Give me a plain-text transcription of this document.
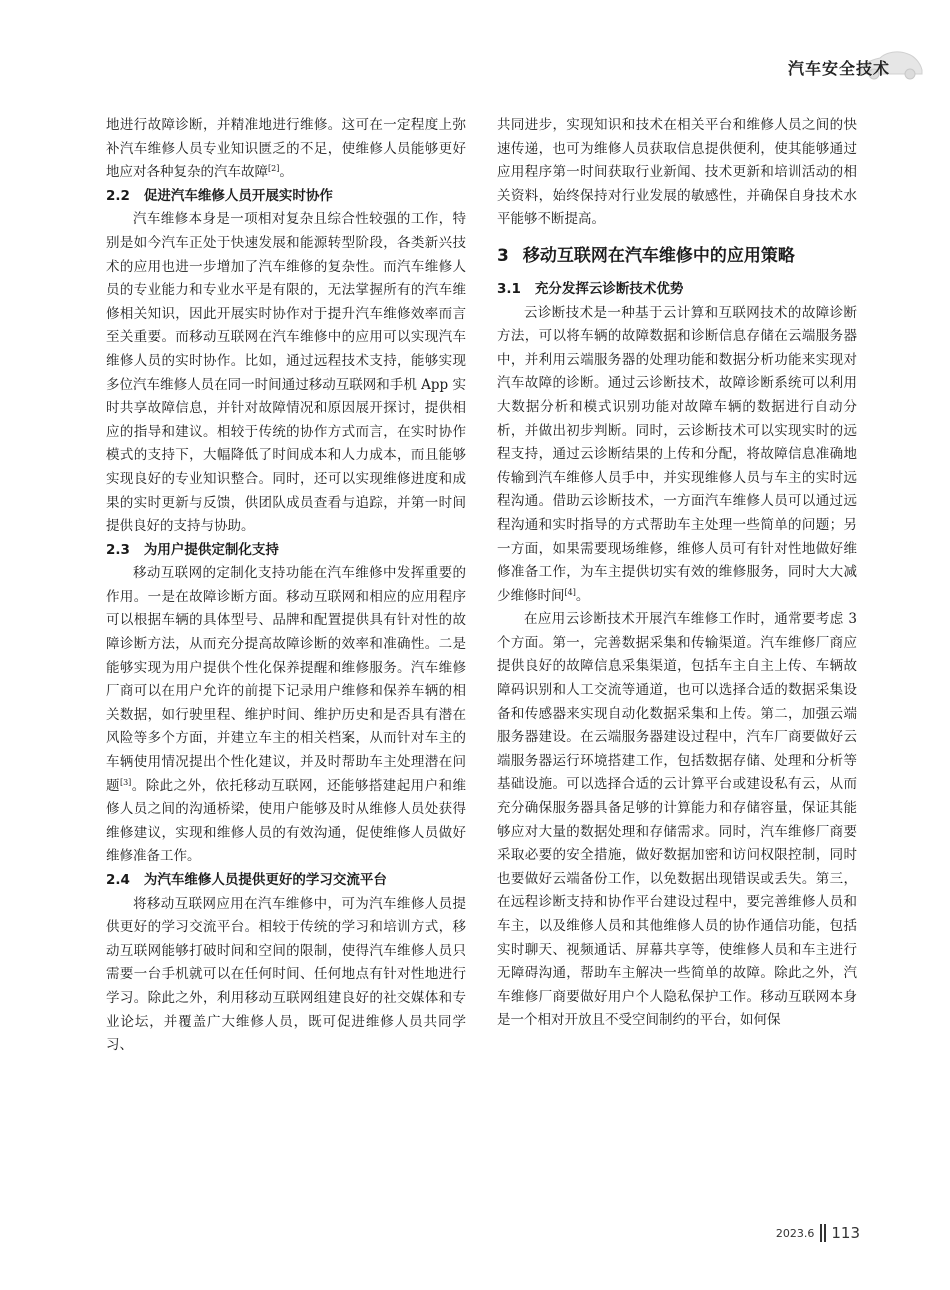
汽车安全技术

地进行故障诊断，并精准地进行维修。这可在一定程度上弥补汽车维修人员专业知识匮乏的不足，使维修人员能够更好地应对各种复杂的汽车故障[2]。

2.2 促进汽车维修人员开展实时协作

汽车维修本身是一项相对复杂且综合性较强的工作，特别是如今汽车正处于快速发展和能源转型阶段，各类新兴技术的应用也进一步增加了汽车维修的复杂性。而汽车维修人员的专业能力和专业水平是有限的，无法掌握所有的汽车维修相关知识，因此开展实时协作对于提升汽车维修效率而言至关重要。而移动互联网在汽车维修中的应用可以实现汽车维修人员的实时协作。比如，通过远程技术支持，能够实现多位汽车维修人员在同一时间通过移动互联网和手机 App 实时共享故障信息，并针对故障情况和原因展开探讨，提供相应的指导和建议。相较于传统的协作方式而言，在实时协作模式的支持下，大幅降低了时间成本和人力成本，而且能够实现良好的专业知识整合。同时，还可以实现维修进度和成果的实时更新与反馈，供团队成员查看与追踪，并第一时间提供良好的支持与协助。

2.3 为用户提供定制化支持

移动互联网的定制化支持功能在汽车维修中发挥重要的作用。一是在故障诊断方面。移动互联网和相应的应用程序可以根据车辆的具体型号、品牌和配置提供具有针对性的故障诊断方法，从而充分提高故障诊断的效率和准确性。二是能够实现为用户提供个性化保养提醒和维修服务。汽车维修厂商可以在用户允许的前提下记录用户维修和保养车辆的相关数据，如行驶里程、维护时间、维护历史和是否具有潜在风险等多个方面，并建立车主的相关档案，从而针对车主的车辆使用情况提出个性化建议，并及时帮助车主处理潜在问题[3]。除此之外，依托移动互联网，还能够搭建起用户和维修人员之间的沟通桥梁，使用户能够及时从维修人员处获得维修建议，实现和维修人员的有效沟通，促使维修人员做好维修准备工作。

2.4 为汽车维修人员提供更好的学习交流平台

将移动互联网应用在汽车维修中，可为汽车维修人员提供更好的学习交流平台。相较于传统的学习和培训方式，移动互联网能够打破时间和空间的限制，使得汽车维修人员只需要一台手机就可以在任何时间、任何地点有针对性地进行学习。除此之外，利用移动互联网组建良好的社交媒体和专业论坛，并覆盖广大维修人员，既可促进维修人员共同学习、

共同进步，实现知识和技术在相关平台和维修人员之间的快速传递，也可为维修人员获取信息提供便利，使其能够通过应用程序第一时间获取行业新闻、技术更新和培训活动的相关资料，始终保持对行业发展的敏感性，并确保自身技术水平能够不断提高。

3 移动互联网在汽车维修中的应用策略
3.1 充分发挥云诊断技术优势

云诊断技术是一种基于云计算和互联网技术的故障诊断方法，可以将车辆的故障数据和诊断信息存储在云端服务器中，并利用云端服务器的处理功能和数据分析功能来实现对汽车故障的诊断。通过云诊断技术，故障诊断系统可以利用大数据分析和模式识别功能对故障车辆的数据进行自动分析，并做出初步判断。同时，云诊断技术可以实现实时的远程支持，通过云诊断结果的上传和分配，将故障信息准确地传输到汽车维修人员手中，并实现维修人员与车主的实时远程沟通。借助云诊断技术，一方面汽车维修人员可以通过远程沟通和实时指导的方式帮助车主处理一些简单的问题；另一方面，如果需要现场维修，维修人员可有针对性地做好维修准备工作，为车主提供切实有效的维修服务，同时大大减少维修时间[4]。

在应用云诊断技术开展汽车维修工作时，通常要考虑 3 个方面。第一，完善数据采集和传输渠道。汽车维修厂商应提供良好的故障信息采集渠道，包括车主自主上传、车辆故障码识别和人工交流等通道，也可以选择合适的数据采集设备和传感器来实现自动化数据采集和上传。第二，加强云端服务器建设。在云端服务器建设过程中，汽车厂商要做好云端服务器运行环境搭建工作，包括数据存储、处理和分析等基础设施。可以选择合适的云计算平台或建设私有云，从而充分确保服务器具备足够的计算能力和存储容量，保证其能够应对大量的数据处理和存储需求。同时，汽车维修厂商要采取必要的安全措施，做好数据加密和访问权限控制，同时也要做好云端备份工作，以免数据出现错误或丢失。第三，在远程诊断支持和协作平台建设过程中，要完善维修人员和车主，以及维修人员和其他维修人员的协作通信功能，包括实时聊天、视频通话、屏幕共享等，使维修人员和车主进行无障碍沟通，帮助车主解决一些简单的故障。除此之外，汽车维修厂商要做好用户个人隐私保护工作。移动互联网本身是一个相对开放且不受空间制约的平台，如何保

2023.6 113
